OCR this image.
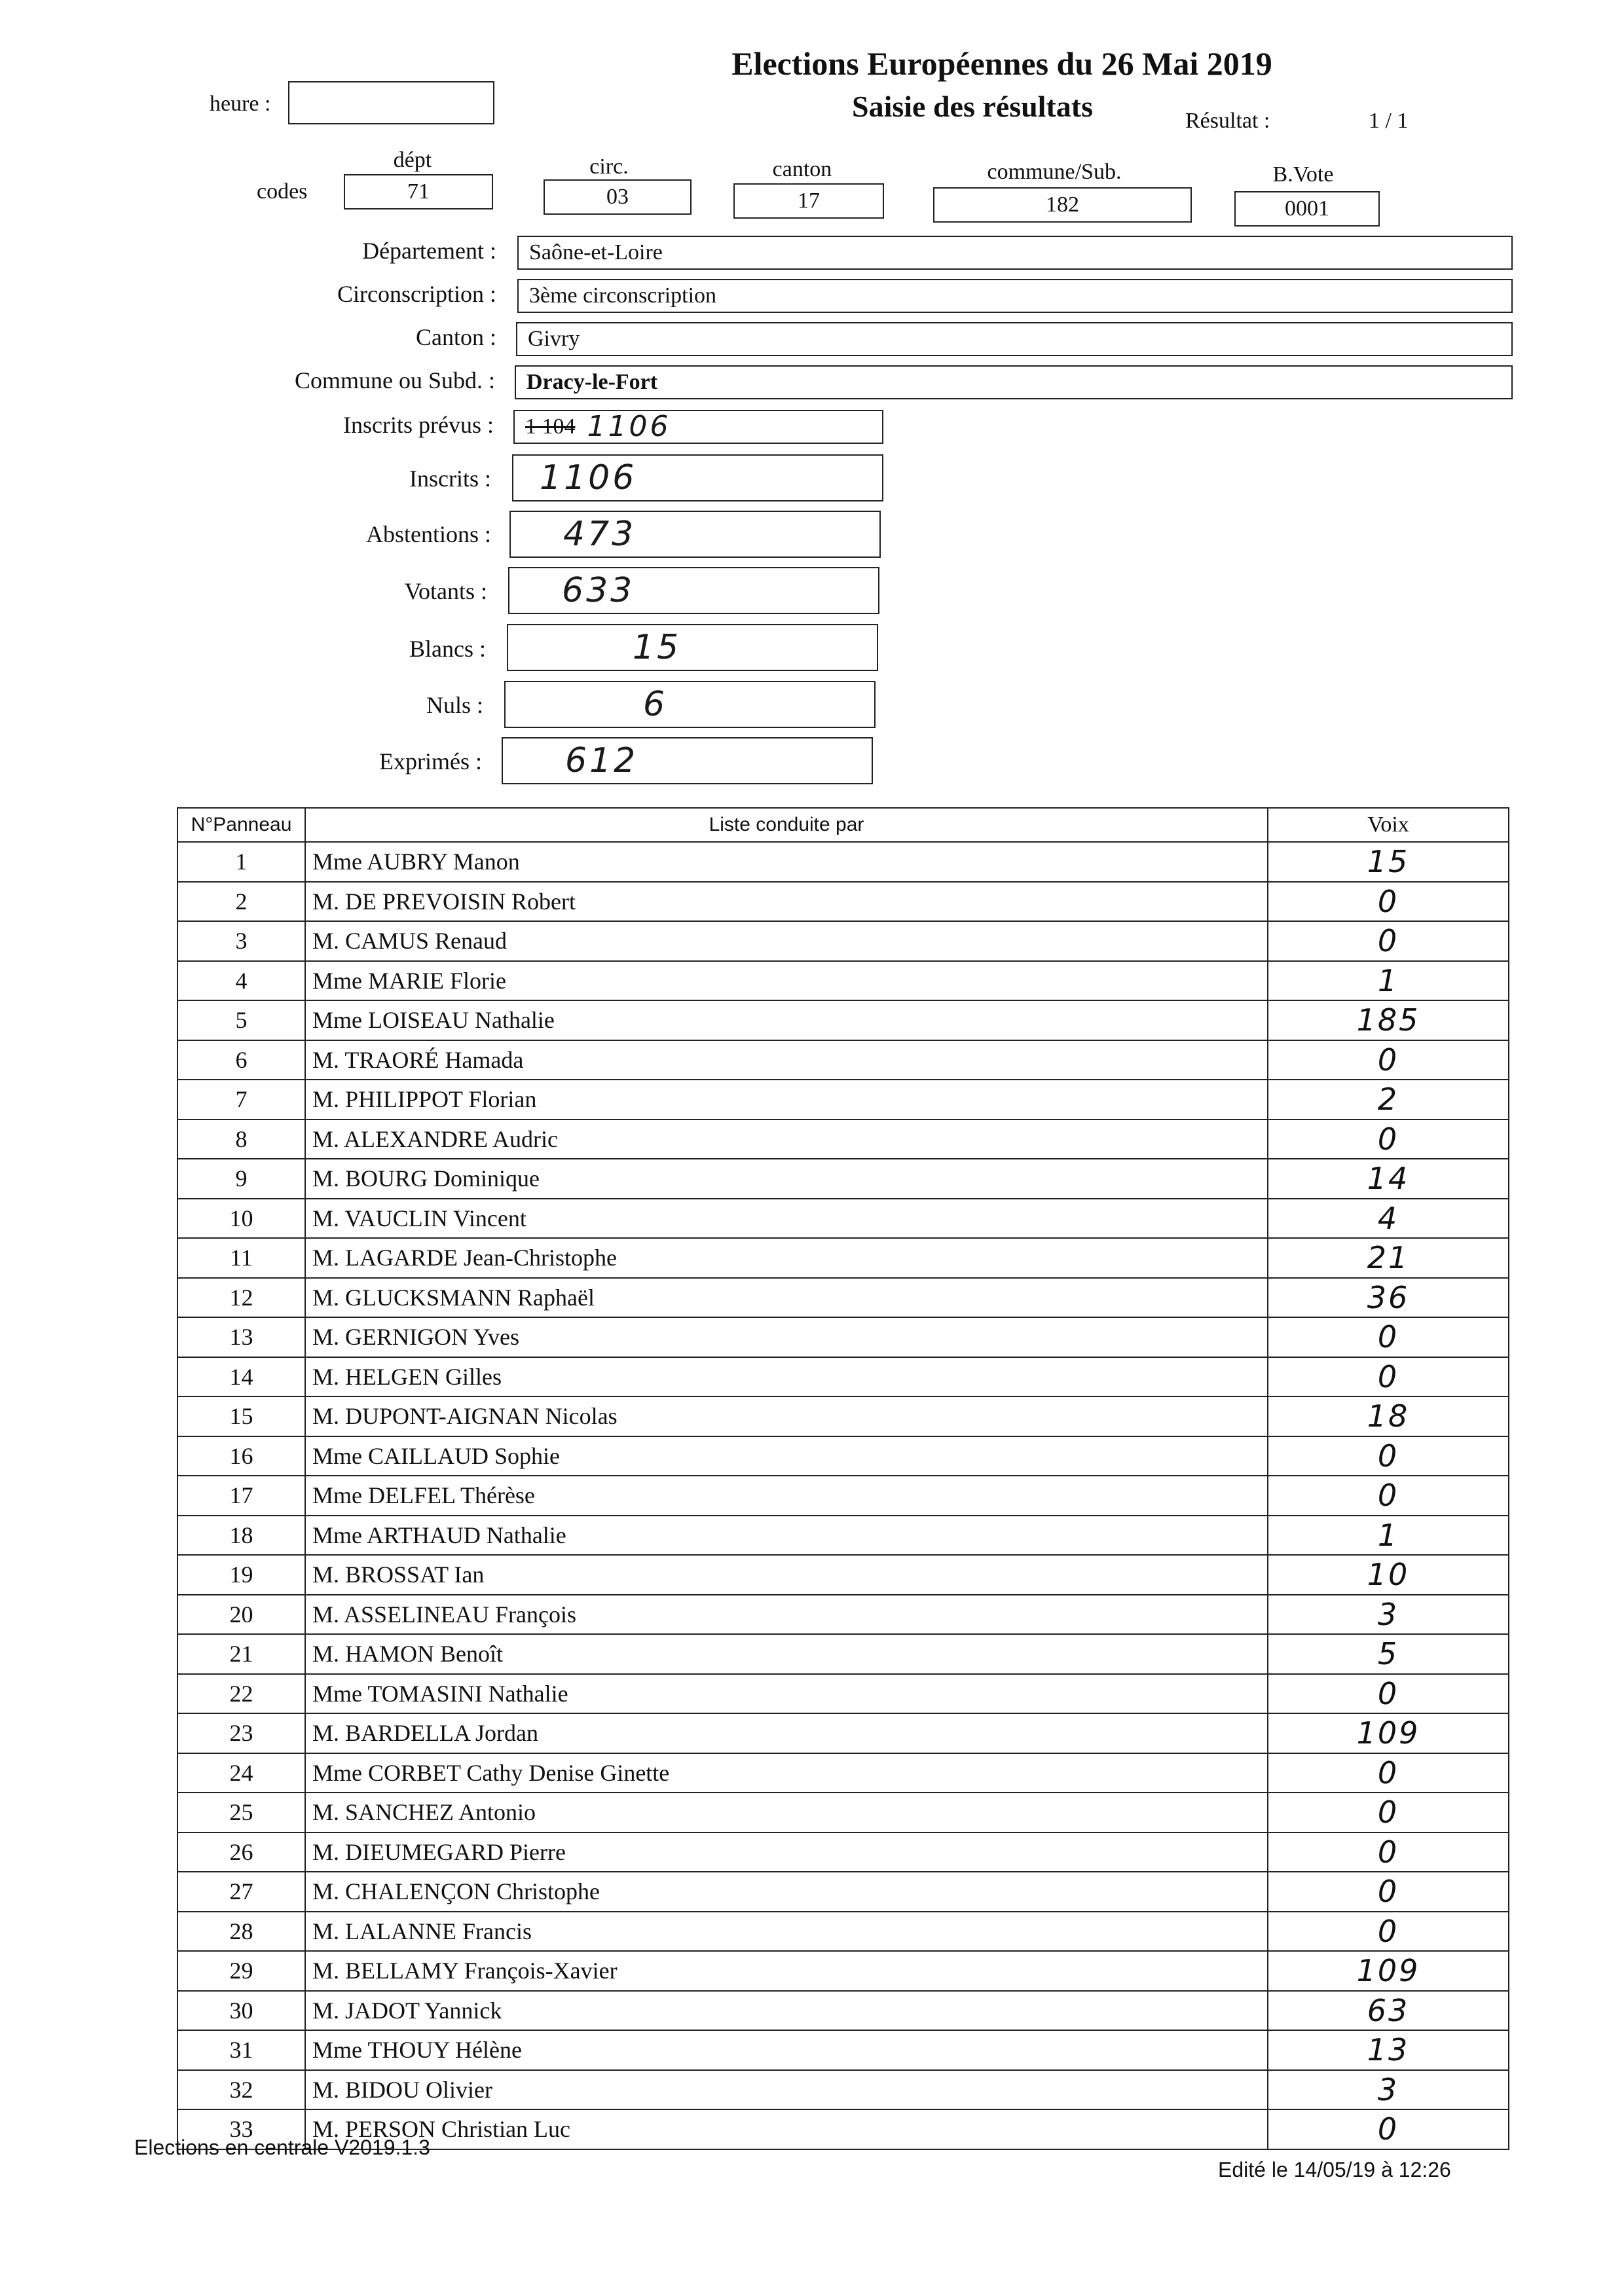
Elections Européennes du 26 Mai 2019
Saisie des résultats
heure :
Résultat :	1 / 1
dépt	circ.	canton	commune/Sub.	B.Vote
codes	71	03	17	182	0001
Département :	Saône-et-Loire
Circonscription :	3ème circonscription
Canton :	Givry
Commune ou Subd. :	Dracy-le-Fort
Inscrits prévus : 1 104 1106
Inscrits : 1106
Abstentions : 473
Votants : 633
Blancs :	15
Nuls :	6
Exprimés : 612
N°Panneau	Liste conduite par	Voix
1	Mme AUBRY Manon	15
2	M. DE PREVOISIN Robert	0
3	M. CAMUS Renaud	0
4	Mme MARIE Florie	1
5	Mme LOISEAU Nathalie	185
6	M. TRAORÉ Hamada	0
7	M. PHILIPPOT Florian	2
8	M. ALEXANDRE Audric	0
9	M. BOURG Dominique	14
10	M. VAUCLIN Vincent	4
11	M. LAGARDE Jean-Christophe	21
12	M. GLUCKSMANN Raphaël	36
13	M. GERNIGON Yves	0
14	M. HELGEN Gilles	0
15	M. DUPONT-AIGNAN Nicolas	18
16	Mme CAILLAUD Sophie	0
17	Mme DELFEL Thérèse	0
18	Mme ARTHAUD Nathalie	1
19	M. BROSSAT Ian	10
20	M. ASSELINEAU François	3
21	M. HAMON Benoît	5
22	Mme TOMASINI Nathalie	0
23	M. BARDELLA Jordan	109
24	Mme CORBET Cathy Denise Ginette	0
25	M. SANCHEZ Antonio	0
26	M. DIEUMEGARD Pierre	0
27	M. CHALENÇON Christophe	0
28	M. LALANNE Francis	0
29	M. BELLAMY François-Xavier	109
30	M. JADOT Yannick	63
31	Mme THOUY Hélène	13
32	M. BIDOU Olivier	3
33	M. PERSON Christian Luc	0
Elections en centrale V2019.1.3
Edité le 14/05/19 à 12:26
